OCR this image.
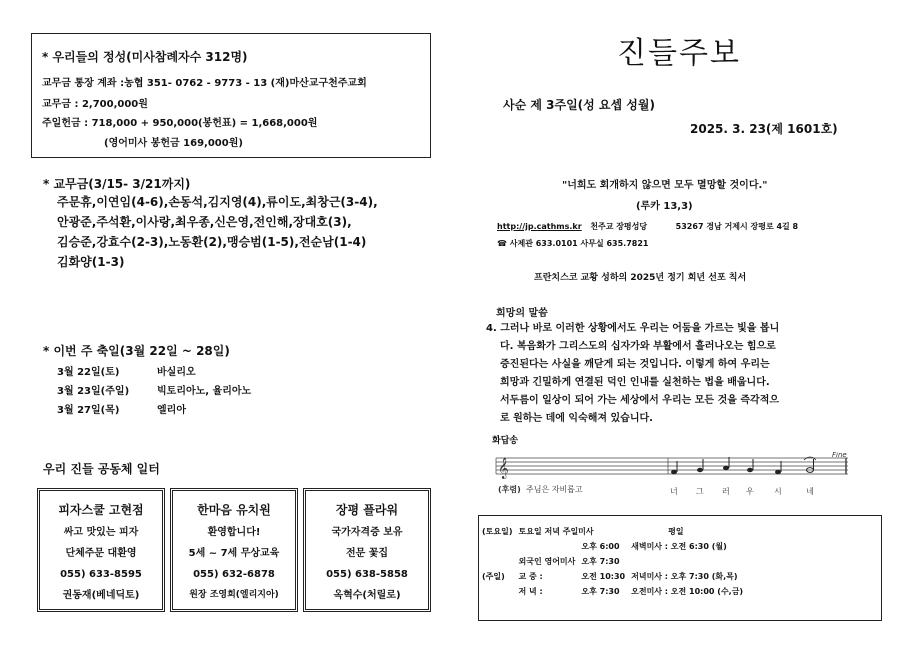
* 우리들의 정성(미사참례자수 312명)
교무금 통장 계좌 :농협 351- 0762 - 9773 - 13 (재)마산교구천주교회
교무금 : 2,700,000원
주일헌금 : 718,000 + 950,000(봉헌표) = 1,668,000원
(영어미사 봉헌금 169,000원)
* 교무금(3/15- 3/21까지)
주문휴,이연임(4-6),손동석,김지영(4),류이도,최창근(3-4),
안광준,주석환,이사랑,최우종,신은영,전인해,장대호(3),
김승준,강효수(2-3),노동환(2),맹승범(1-5),전순남(1-4)
김화양(1-3)
* 이번 주 축일(3월 22일 ~ 28일)
3월 22일(토)	바실리오
3월 23일(주일)	빅토리아노, 율리아노
3월 27일(목)	엘리아
우리 진들 공동체 일터
피자스쿨 고현점
싸고 맛있는 피자
단체주문 대환영
055) 633-8595
권동재(베네딕토)
한마음 유치원
환영합니다!
5세 ~ 7세 무상교육
055) 632-6878
원장 조영희(엘리지아)
장평 플라워
국가자격증 보유
전문 꽃집
055) 638-5858
옥혁수(처릴로)
진들주보
사순 제 3주일(성 요셉 성월)
2025. 3. 23(제 1601호)
"너희도 회개하지 않으면 모두 멸망할 것이다."
(루카 13,3)
http://jp.cathms.kr 천주교 장평성당	53267 경남 거제시 장평로 4길 8
☎ 사제관 633.0101 사무실 635.7821
프란치스코 교황 성하의 2025년 정기 희년 선포 칙서
희망의 말씀
4. 그러나 바로 이러한 상황에서도 우리는 어둠을 가르는 빛을 봅니
다. 복음화가 그리스도의 십자가와 부활에서 흘러나오는 힘으로
증진된다는 사실을 깨닫게 되는 것입니다. 이렇게 하여 우리는
희망과 긴밀하게 연결된 덕인 인내를 실천하는 법을 배웁니다.
서두름이 일상이 되어 가는 세상에서 우리는 모든 것을 즉각적으
로 원하는 데에 익숙해져 있습니다.
화답송
𝄞
Fine
(후렴) 주님은 자비롭고	너 그 러 우	시	네
(토요일)	토요일 저녁 주일미사		평일
		오후 6:00	새벽미사 : 오전 6:30 (월)
	외국인 영어미사	오후 7:30	
(주일)	교 중 :	오전 10:30	저녁미사 : 오후 7:30 (화,목)
	저 녁 :	오후 7:30	오전미사 : 오전 10:00 (수,금)
